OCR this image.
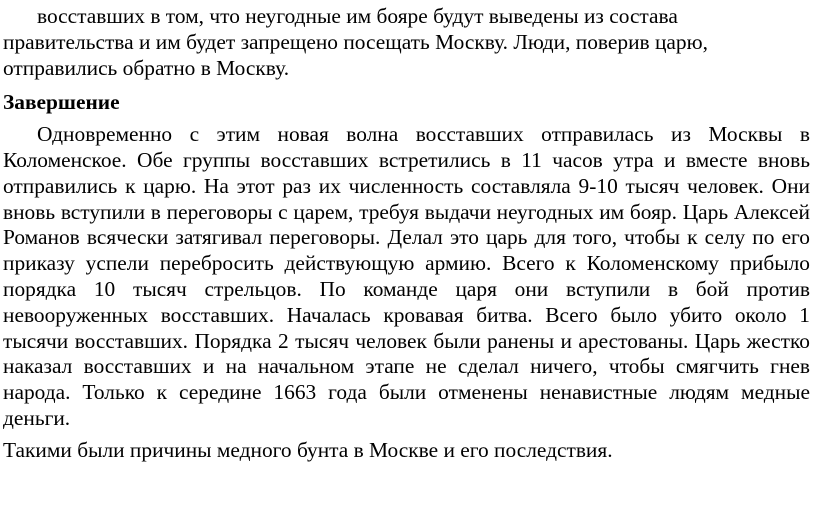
восставших в том, что неугодные им бояре будут выведены из состава правительства и им будет запрещено посещать Москву. Люди, поверив царю, отправились обратно в Москву.

Завершение

Одновременно с этим новая волна восставших отправилась из Москвы в Коломенское. Обе группы восставших встретились в 11 часов утра и вместе вновь отправились к царю. На этот раз их численность составляла 9-10 тысяч человек. Они вновь вступили в переговоры с царем, требуя выдачи неугодных им бояр. Царь Алексей Романов всячески затягивал переговоры. Делал это царь для того, чтобы к селу по его приказу успели перебросить действующую армию. Всего к Коломенскому прибыло порядка 10 тысяч стрельцов. По команде царя они вступили в бой против невооруженных восставших. Началась кровавая битва. Всего было убито около 1 тысячи восставших. Порядка 2 тысяч человек были ранены и арестованы. Царь жестко наказал восставших и на начальном этапе не сделал ничего, чтобы смягчить гнев народа. Только к середине 1663 года были отменены ненавистные людям медные деньги.

Такими были причины медного бунта в Москве и его последствия.
